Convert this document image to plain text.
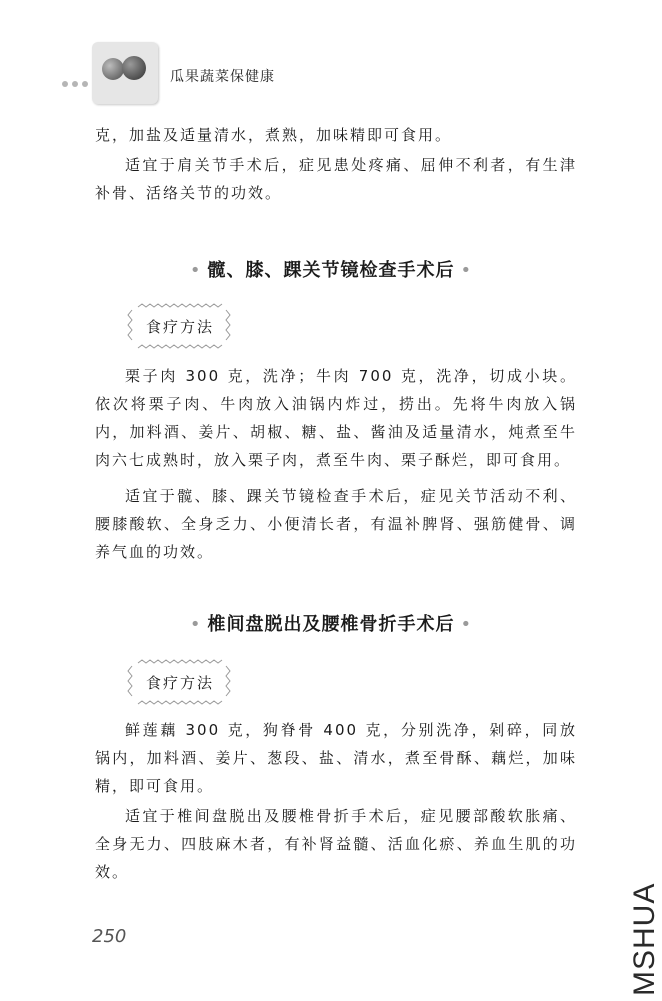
瓜果蔬菜保健康

克，加盐及适量清水，煮熟，加味精即可食用。

适宜于肩关节手术后，症见患处疼痛、屈伸不利者，有生津补骨、活络关节的功效。

• 髋、膝、踝关节镜检查手术后 •
食疗方法

栗子肉 300 克，洗净；牛肉 700 克，洗净，切成小块。依次将栗子肉、牛肉放入油锅内炸过，捞出。先将牛肉放入锅内，加料酒、姜片、胡椒、糖、盐、酱油及适量清水，炖煮至牛肉六七成熟时，放入栗子肉，煮至牛肉、栗子酥烂，即可食用。

适宜于髋、膝、踝关节镜检查手术后，症见关节活动不利、腰膝酸软、全身乏力、小便清长者，有温补脾肾、强筋健骨、调养气血的功效。

• 椎间盘脱出及腰椎骨折手术后 •
食疗方法

鲜莲藕 300 克，狗脊骨 400 克，分别洗净，剁碎，同放锅内，加料酒、姜片、葱段、盐、清水，煮至骨酥、藕烂，加味精，即可食用。

适宜于椎间盘脱出及腰椎骨折手术后，症见腰部酸软胀痛、全身无力、四肢麻木者，有补肾益髓、活血化瘀、养血生肌的功效。

250	MSHUA
